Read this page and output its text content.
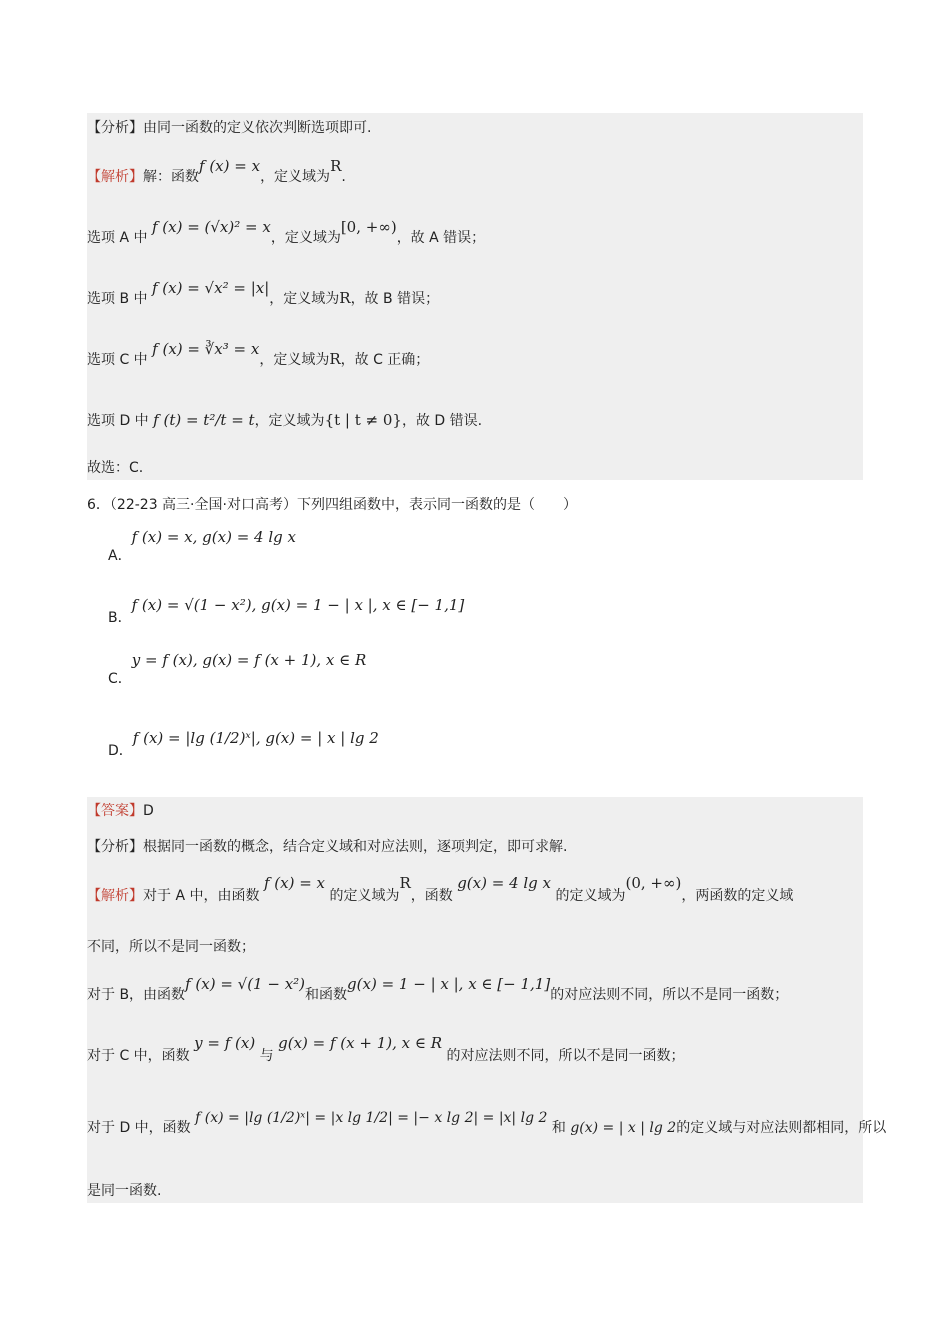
【分析】由同一函数的定义依次判断选项即可.
【解析】解：函数f (x) = x，定义域为R.
选项 A 中 f (x) = (√x)² = x，定义域为[0, +∞)，故 A 错误；
选项 B 中 f (x) = √x² = |x|，定义域为R，故 B 错误；
选项 C 中 f (x) = ∛x³ = x，定义域为R，故 C 正确；
选项 D 中 f (t) = t²/t = t，定义域为{t | t ≠ 0}，故 D 错误.
故选：C.
6．（22-23 高三·全国·对口高考）下列四组函数中，表示同一函数的是（　　）
A．f (x) = x, g(x) = 4 lg x
B．f (x) = √(1 − x²), g(x) = 1 − | x |, x ∈ [− 1,1]
C．y = f (x), g(x) = f (x + 1), x ∈ R
D．f (x) = |lg (1/2)ˣ|, g(x) = | x | lg 2
【答案】D
【分析】根据同一函数的概念，结合定义域和对应法则，逐项判定，即可求解.
【解析】对于 A 中，由函数 f (x) = x 的定义域为R，函数 g(x) = 4 lg x 的定义域为(0, +∞)，两函数的定义域
不同，所以不是同一函数；
对于 B，由函数f (x) = √(1 − x²)和函数g(x) = 1 − | x |, x ∈ [− 1,1]的对应法则不同，所以不是同一函数；
对于 C 中，函数 y = f (x) 与 g(x) = f (x + 1), x ∈ R 的对应法则不同，所以不是同一函数；
对于 D 中，函数 f (x) = |lg (1/2)ˣ| = |x lg 1/2| = |− x lg 2| = |x| lg 2 和 g(x) = | x | lg 2的定义域与对应法则都相同，所以
是同一函数.
